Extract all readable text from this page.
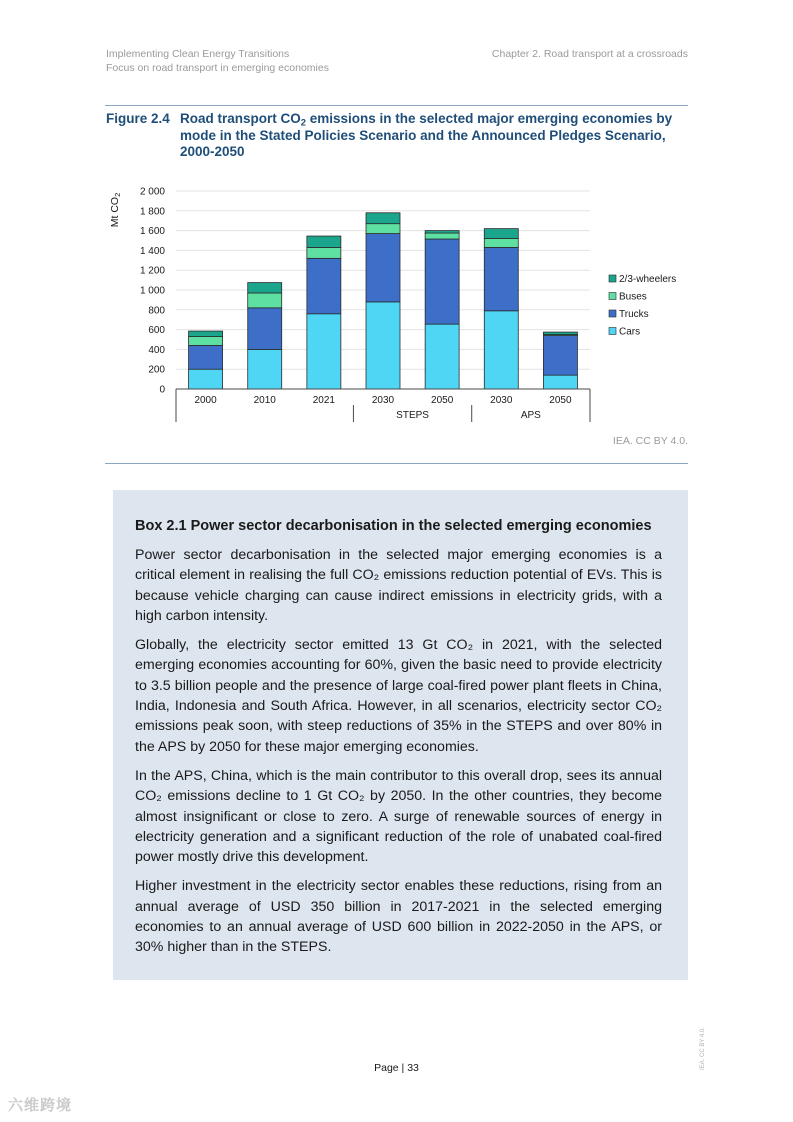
Implementing Clean Energy Transitions
Focus on road transport in emerging economies
Chapter 2. Road transport at a crossroads
Figure 2.4 Road transport $CO_2$ emissions in the selected major emerging economies by mode in the Stated Policies Scenario and the Announced Pledges Scenario, 2000-2050
2 000
1 800
1 600
1 400
1 200
1 000
800
600
400
200
0
Mt CO2
2000	2010	2021	2030	2050	2030	2050
STEPS	APS
2/3-wheelers
Buses
Trucks
Cars
IEA. CC BY 4.0.
Box 2.1 Power sector decarbonisation in the selected emerging economies

Power sector decarbonisation in the selected major emerging economies is a critical element in realising the full CO₂ emissions reduction potential of EVs. This is because vehicle charging can cause indirect emissions in electricity grids, with a high carbon intensity.

Globally, the electricity sector emitted 13 Gt CO₂ in 2021, with the selected emerging economies accounting for 60%, given the basic need to provide electricity to 3.5 billion people and the presence of large coal-fired power plant fleets in China, India, Indonesia and South Africa. However, in all scenarios, electricity sector CO₂ emissions peak soon, with steep reductions of 35% in the STEPS and over 80% in the APS by 2050 for these major emerging economies.

In the APS, China, which is the main contributor to this overall drop, sees its annual CO₂ emissions decline to 1 Gt CO₂ by 2050. In the other countries, they become almost insignificant or close to zero. A surge of renewable sources of energy in electricity generation and a significant reduction of the role of unabated coal-fired power mostly drive this development.

Higher investment in the electricity sector enables these reductions, rising from an annual average of USD 350 billion in 2017-2021 in the selected emerging economies to an annual average of USD 600 billion in 2022-2050 in the APS, or 30% higher than in the STEPS.

IEA. CC BY 4.0.
Page | 33
六维跨境
